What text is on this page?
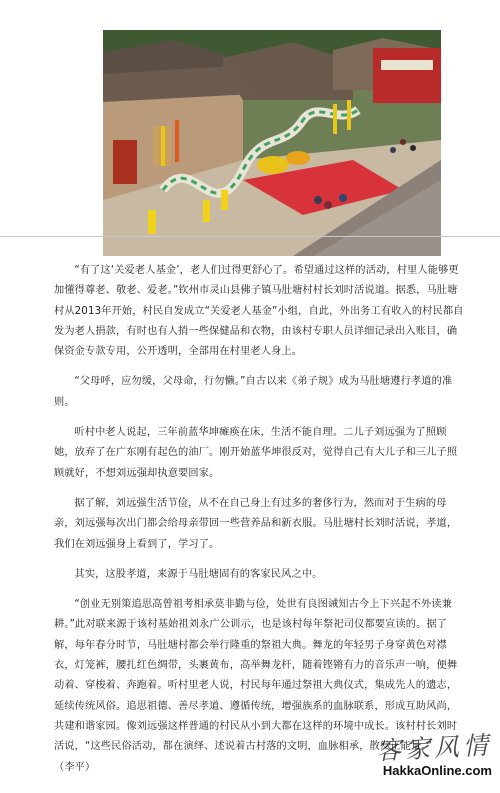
“有了这‘关爱老人基金’，老人们过得更舒心了。希望通过这样的活动，村里人能够更加懂得尊老、敬老、爱老。”钦州市灵山县佛子镇马肚塘村村长刘时活说道。据悉，马肚塘村从2013年开始，村民自发成立“关爱老人基金”小组，自此，外出务工有收入的村民都自发为老人捐款，有时也有人捎一些保健品和衣物，由该村专职人员详细记录出入账目，确保资金专款专用，公开透明，全部用在村里老人身上。

“父母呼，应勿缓，父母命，行勿懒。”自古以来《弟子规》成为马肚塘遵行孝道的准则。

听村中老人说起，三年前蓝华坤瘫痪在床，生活不能自理。二儿子刘远强为了照顾她，放弃了在广东刚有起色的油厂。刚开始蓝华坤很反对，觉得自己有大儿子和三儿子照顾就好，不想刘远强却执意要回家。

据了解，刘远强生活节俭，从不在自己身上有过多的奢侈行为，然而对于生病的母亲，刘远强每次出门都会给母亲带回一些营养品和新衣服。马肚塘村长刘时活说，孝道，我们在刘远强身上看到了，学习了。

其实，这股孝道，来源于马肚塘固有的客家民风之中。

“创业无别策追思高曾祖考相承莫非勤与俭，处世有良图诫知古今上下兴起不外读兼耕。”此对联来源于该村基始祖刘永广公训示，也是该村每年祭祀司仪都要宣读的。据了解，每年春分时节，马肚塘村都会举行隆重的祭祖大典。舞龙的年轻男子身穿黄色对襟衣，灯笼裤，腰扎红色绸带，头裹黄布，高举舞龙杆，随着铿锵有力的音乐声一响，便舞动着、穿梭着、奔跑着。听村里老人说，村民每年通过祭祖大典仪式，集成先人的遗志，延续传统风俗。追思祖德、善尽孝道、遵循传统，增强族系的血脉联系，形成互助风尚，共建和谐家园。像刘远强这样普通的村民从小到大都在这样的环境中成长。该村村长刘时活说，“这些民俗活动，都在演绎、述说着古村落的文明，血脉相承，散发正能量。”

（李平）

客家风情
HakkaOnline.com
